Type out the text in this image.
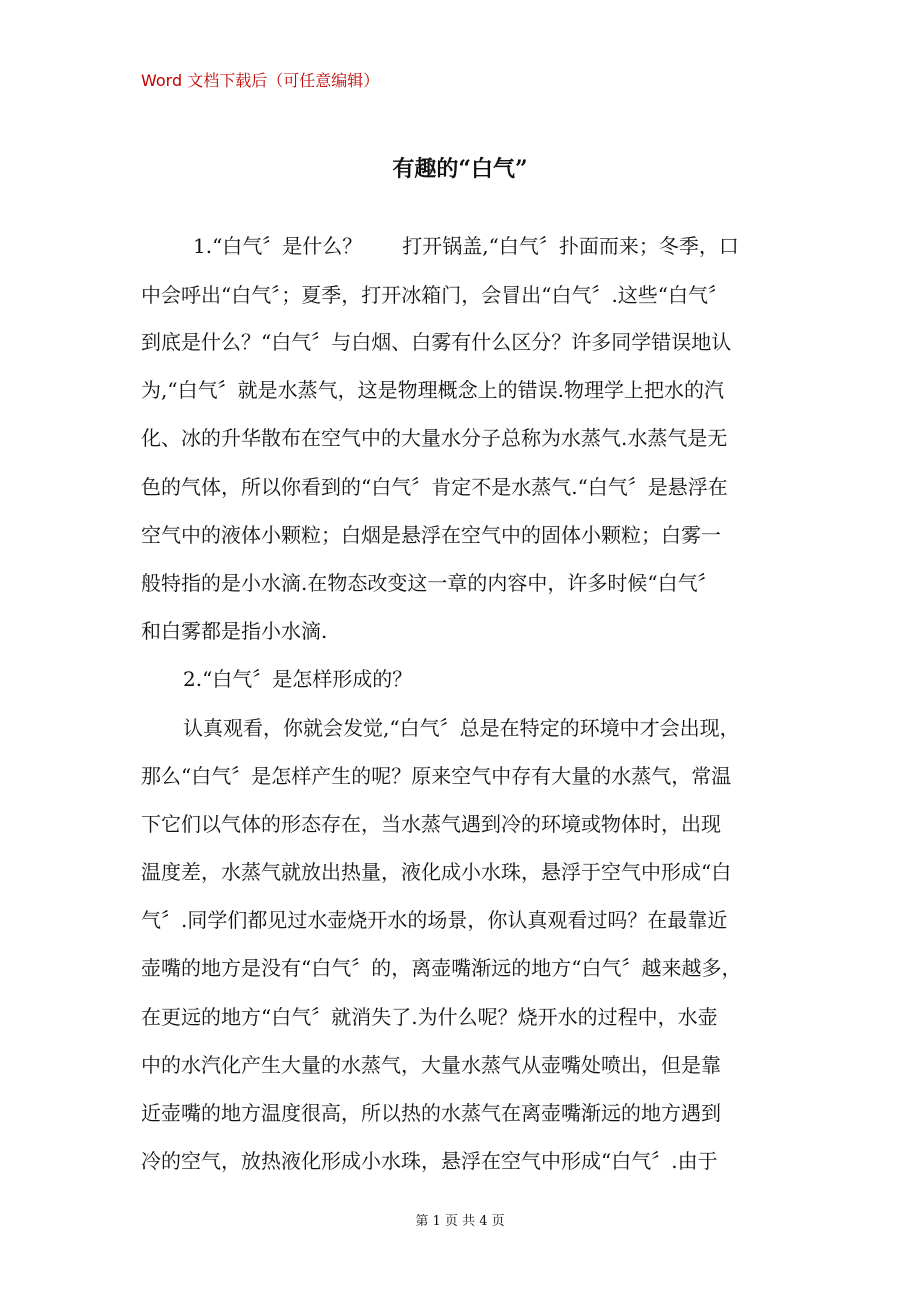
Word 文档下载后（可任意编辑）
有趣的“白气”
1.“白气〞是什么？　　打开锅盖,“白气〞扑面而来；冬季，口
中会呼出“白气〞；夏季，打开冰箱门，会冒出“白气〞.这些“白气〞
到底是什么？“白气〞与白烟、白雾有什么区分？许多同学错误地认
为,“白气〞就是水蒸气，这是物理概念上的错误.物理学上把水的汽
化、冰的升华散布在空气中的大量水分子总称为水蒸气.水蒸气是无
色的气体，所以你看到的“白气〞肯定不是水蒸气.“白气〞是悬浮在
空气中的液体小颗粒；白烟是悬浮在空气中的固体小颗粒；白雾一
般特指的是小水滴.在物态改变这一章的内容中，许多时候“白气〞
和白雾都是指小水滴.
2.“白气〞是怎样形成的？
认真观看，你就会发觉,“白气〞总是在特定的环境中才会出现，
那么“白气〞是怎样产生的呢？原来空气中存有大量的水蒸气，常温
下它们以气体的形态存在，当水蒸气遇到冷的环境或物体时，出现
温度差，水蒸气就放出热量，液化成小水珠，悬浮于空气中形成“白
气〞.同学们都见过水壶烧开水的场景，你认真观看过吗？在最靠近
壶嘴的地方是没有“白气〞的，离壶嘴渐远的地方“白气〞越来越多，
在更远的地方“白气〞就消失了.为什么呢？烧开水的过程中，水壶
中的水汽化产生大量的水蒸气，大量水蒸气从壶嘴处喷出，但是靠
近壶嘴的地方温度很高，所以热的水蒸气在离壶嘴渐远的地方遇到
冷的空气，放热液化形成小水珠，悬浮在空气中形成“白气〞.由于
第 1 页 共 4 页
